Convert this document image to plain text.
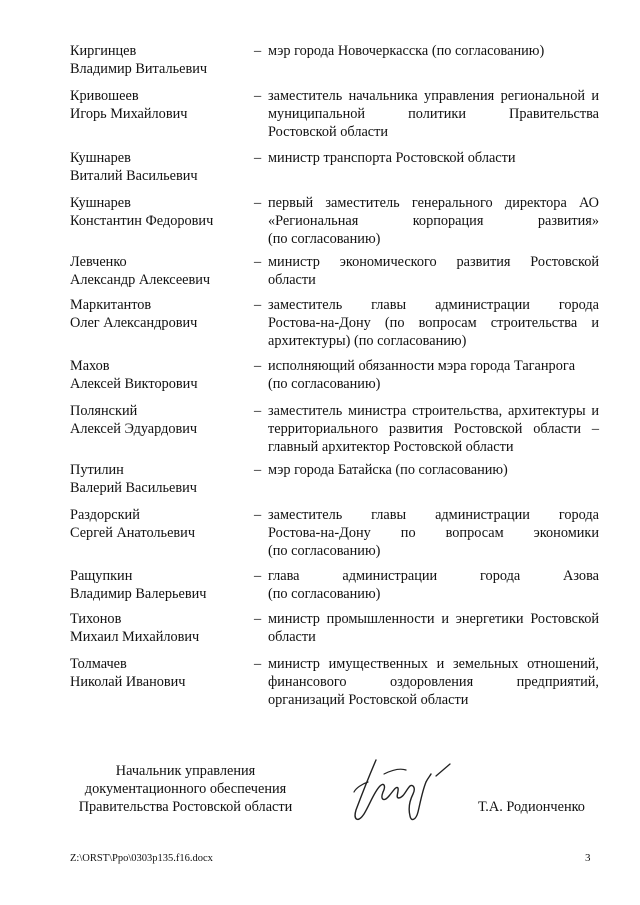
Киргинцев
Владимир Витальевич
– мэр города Новочеркасска (по согласованию)
Кривошеев
Игорь Михайлович
– заместитель начальника управления региональной и
муниципальной политики Правительства
Ростовской области
Кушнарев
Виталий Васильевич
– министр транспорта Ростовской области
Кушнарев
Константин Федорович
– первый заместитель генерального директора АО
«Региональная корпорация развития»
(по согласованию)
Левченко
Александр Алексеевич
– министр экономического развития Ростовской
области
Маркитантов
Олег Александрович
– заместитель главы администрации города
Ростова-на-Дону (по вопросам строительства и
архитектуры) (по согласованию)
Махов
Алексей Викторович
– исполняющий обязанности мэра города Таганрога
(по согласованию)
Полянский
Алексей Эдуардович
– заместитель министра строительства, архитектуры и
территориального развития Ростовской области –
главный архитектор Ростовской области
Путилин
Валерий Васильевич
– мэр города Батайска (по согласованию)
Раздорский
Сергей Анатольевич
– заместитель главы администрации города
Ростова-на-Дону по вопросам экономики
(по согласованию)
Ращупкин
Владимир Валерьевич
– глава администрации города Азова
(по согласованию)
Тихонов
Михаил Михайлович
– министр промышленности и энергетики Ростовской
области
Толмачев
Николай Иванович
– министр имущественных и земельных отношений,
финансового оздоровления предприятий,
организаций Ростовской области
Начальник управления
документационного обеспечения
Правительства Ростовской области	Т.А. Родионченко
Z:\ORST\Ppo\0303p135.f16.docx	3
